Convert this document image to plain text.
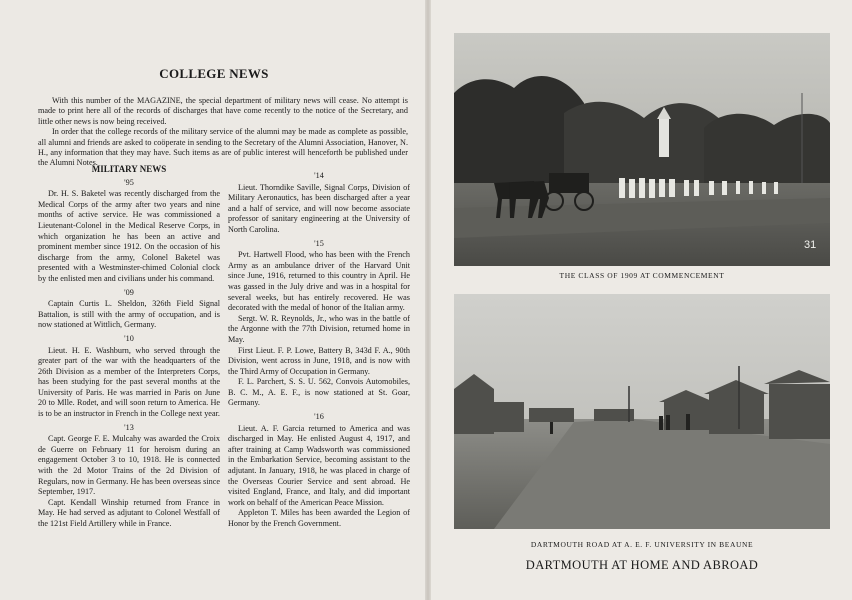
COLLEGE NEWS

With this number of the MAGAZINE, the special department of military news will cease. No attempt is made to print here all of the records of discharges that have come recently to the notice of the Secretary, and little other news is now being received.

In order that the college records of the military service of the alumni may be made as complete as possible, all alumni and friends are asked to coöperate in sending to the Secretary of the Alumni Association, Hanover, N. H., any information that they may have. Such items as are of public interest will henceforth be published under the Alumni Notes.

MILITARY NEWS
'95

Dr. H. S. Baketel was recently discharged from the Medical Corps of the army after two years and nine months of active service. He was commissioned a Lieutenant-Colonel in the Medical Reserve Corps, in which organization he has been an active and prominent member since 1912. On the occasion of his discharge from the army, Colonel Baketel was presented with a Westminster-chimed Colonial clock by the enlisted men and civilians under his command.

'09

Captain Curtis L. Sheldon, 326th Field Signal Battalion, is still with the army of occupation, and is now stationed at Wittlich, Germany.

'10

Lieut. H. E. Washburn, who served through the greater part of the war with the headquarters of the 26th Division as a member of the Interpreters Corps, has been studying for the past several months at the University of Paris. He was married in Paris on June 20 to Mlle. Rodet, and will soon return to America. He is to be an instructor in French in the College next year.

'13

Capt. George F. E. Mulcahy was awarded the Croix de Guerre on February 11 for heroism during an engagement October 3 to 10, 1918. He is connected with the 2d Motor Trains of the 2d Division of Regulars, now in Germany. He has been overseas since September, 1917.

Capt. Kendall Winship returned from France in May. He had served as adjutant to Colonel Westfall of the 121st Field Artillery while in France.

'14

Lieut. Thorndike Saville, Signal Corps, Division of Military Aeronautics, has been discharged after a year and a half of service, and will now become associate professor of sanitary engineering at the University of North Carolina.

'15

Pvt. Hartwell Flood, who has been with the French Army as an ambulance driver of the Harvard Unit since June, 1916, returned to this country in April. He was gassed in the July drive and was in a hospital for several weeks, but has entirely recovered. He was decorated with the medal of honor of the Italian army.

Sergt. W. R. Reynolds, Jr., who was in the battle of the Argonne with the 77th Division, returned home in May.

First Lieut. F. P. Lowe, Battery B, 343d F. A., 90th Division, went across in June, 1918, and is now with the Third Army of Occupation in Germany.

F. L. Parchert, S. S. U. 562, Convois Automobiles, B. C. M., A. E. F., is now stationed at St. Goar, Germany.

'16

Lieut. A. F. Garcia returned to America and was discharged in May. He enlisted August 4, 1917, and after training at Camp Wadsworth was commissioned in the Embarkation Service, becoming assistant to the adjutant. In January, 1918, he was placed in charge of the Overseas Courier Service and sent abroad. He visited England, France, and Italy, and did important work on behalf of the American Peace Mission.

Appleton T. Miles has been awarded the Legion of Honor by the French Government.

31
THE CLASS OF 1909 AT COMMENCEMENT
DARTMOUTH ROAD AT A. E. F. UNIVERSITY IN BEAUNE
DARTMOUTH AT HOME AND ABROAD
